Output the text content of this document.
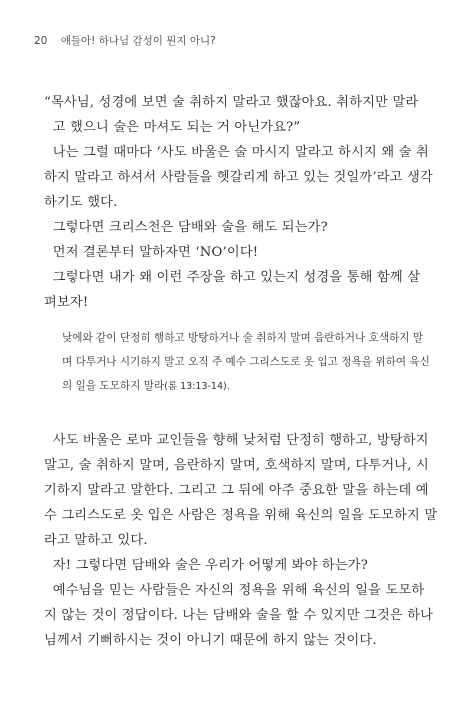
20 얘들아! 하나님 감성이 뭔지 아니?
“목사님, 성경에 보면 술 취하지 말라고 했잖아요. 취하지만 말라
고 했으니 술은 마셔도 되는 거 아닌가요?”
나는 그럴 때마다 ‘사도 바울은 술 마시지 말라고 하시지 왜 술 취
하지 말라고 하셔서 사람들을 헷갈리게 하고 있는 것일까’라고 생각
하기도 했다.
그렇다면 크리스천은 담배와 술을 해도 되는가?
먼저 결론부터 말하자면 ‘NO’이다!
그렇다면 내가 왜 이런 주장을 하고 있는지 성경을 통해 함께 살
펴보자!
낮에와 같이 단정히 행하고 방탕하거나 술 취하지 말며 음란하거나 호색하지 말
며 다투거나 시기하지 말고 오직 주 예수 그리스도로 옷 입고 정욕을 위하여 육신
의 일을 도모하지 말라(롬 13:13-14).
사도 바울은 로마 교인들을 향해 낮처럼 단정히 행하고, 방탕하지
말고, 술 취하지 말며, 음란하지 말며, 호색하지 말며, 다투거나, 시
기하지 말라고 말한다. 그리고 그 뒤에 아주 중요한 말을 하는데 예
수 그리스도로 옷 입은 사람은 정욕을 위해 육신의 일을 도모하지 말
라고 말하고 있다.
자! 그렇다면 담배와 술은 우리가 어떻게 봐야 하는가?
예수님을 믿는 사람들은 자신의 정욕을 위해 육신의 일을 도모하
지 않는 것이 정답이다. 나는 담배와 술을 할 수 있지만 그것은 하나
님께서 기뻐하시는 것이 아니기 때문에 하지 않는 것이다.
